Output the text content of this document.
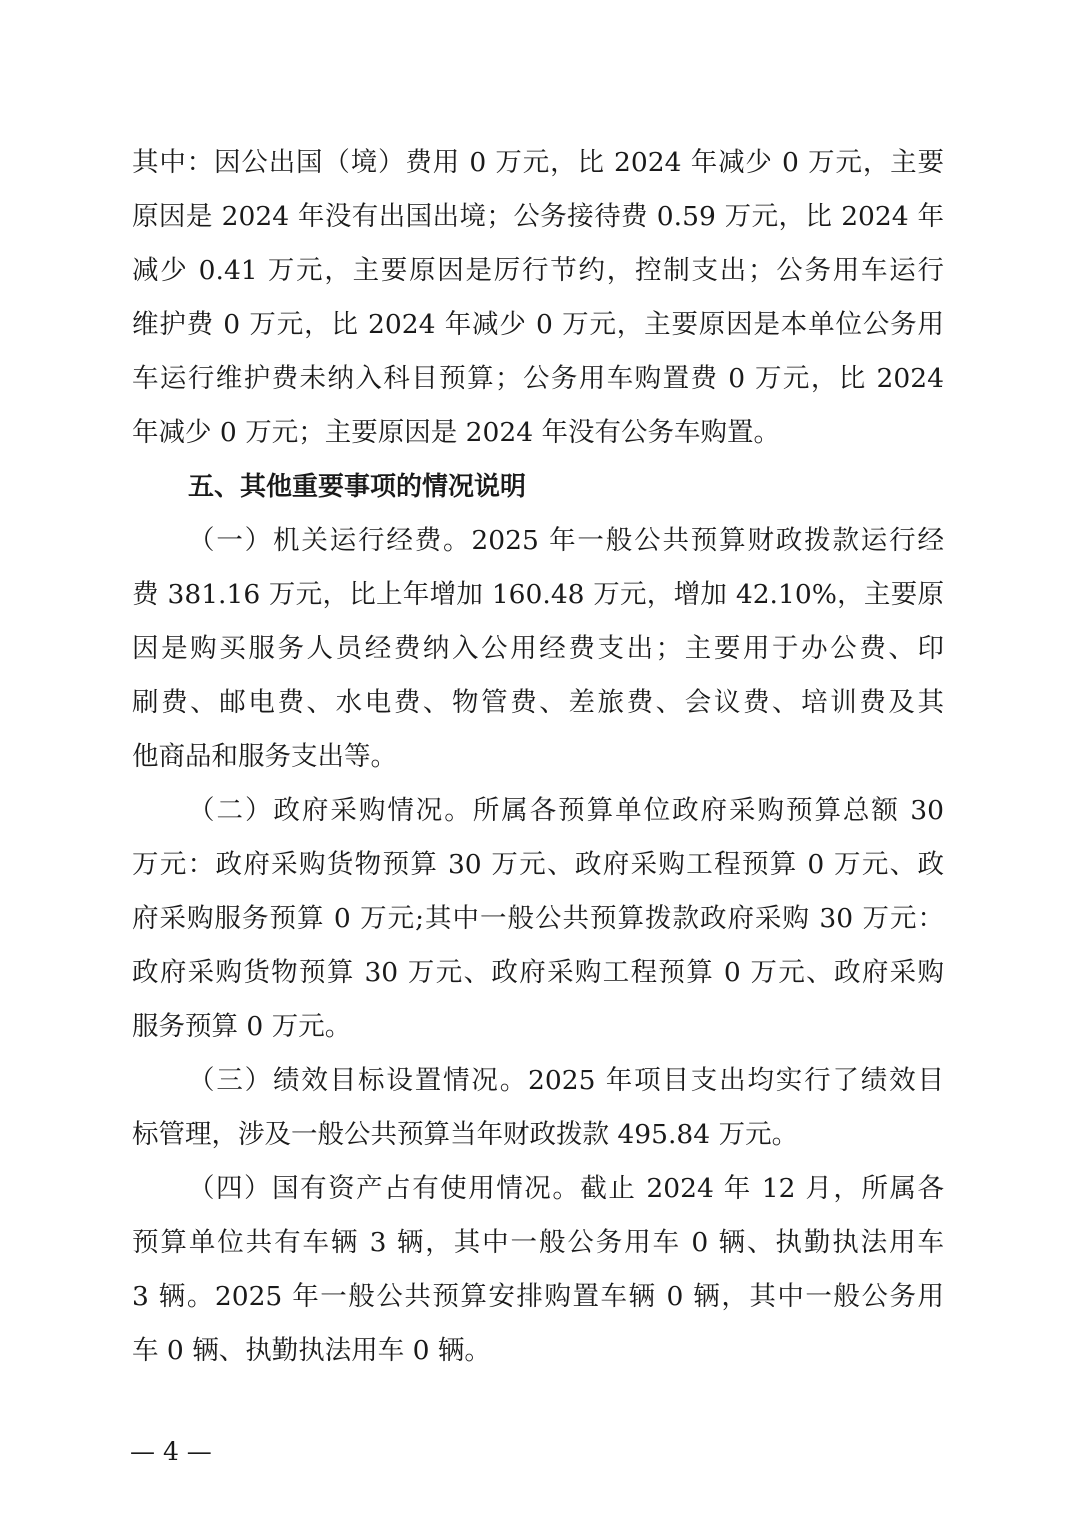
其中：因公出国（境）费用 0 万元，比 2024 年减少 0 万元，主要
原因是 2024 年没有出国出境；公务接待费 0.59 万元，比 2024 年
减少 0.41 万元，主要原因是厉行节约，控制支出；公务用车运行
维护费 0 万元，比 2024 年减少 0 万元，主要原因是本单位公务用
车运行维护费未纳入科目预算；公务用车购置费 0 万元，比 2024
年减少 0 万元；主要原因是 2024 年没有公务车购置。
五、其他重要事项的情况说明
（一）机关运行经费。2025 年一般公共预算财政拨款运行经
费 381.16 万元，比上年增加 160.48 万元，增加 42.10%，主要原
因是购买服务人员经费纳入公用经费支出；主要用于办公费、印
刷费、邮电费、水电费、物管费、差旅费、会议费、培训费及其
他商品和服务支出等。
（二）政府采购情况。所属各预算单位政府采购预算总额 30
万元：政府采购货物预算 30 万元、政府采购工程预算 0 万元、政
府采购服务预算 0 万元;其中一般公共预算拨款政府采购 30 万元：
政府采购货物预算 30 万元、政府采购工程预算 0 万元、政府采购
服务预算 0 万元。
（三）绩效目标设置情况。2025 年项目支出均实行了绩效目
标管理，涉及一般公共预算当年财政拨款 495.84 万元。
（四）国有资产占有使用情况。截止 2024 年 12 月，所属各
预算单位共有车辆 3 辆，其中一般公务用车 0 辆、执勤执法用车
3 辆。2025 年一般公共预算安排购置车辆 0 辆，其中一般公务用
车 0 辆、执勤执法用车 0 辆。
— 4 —
